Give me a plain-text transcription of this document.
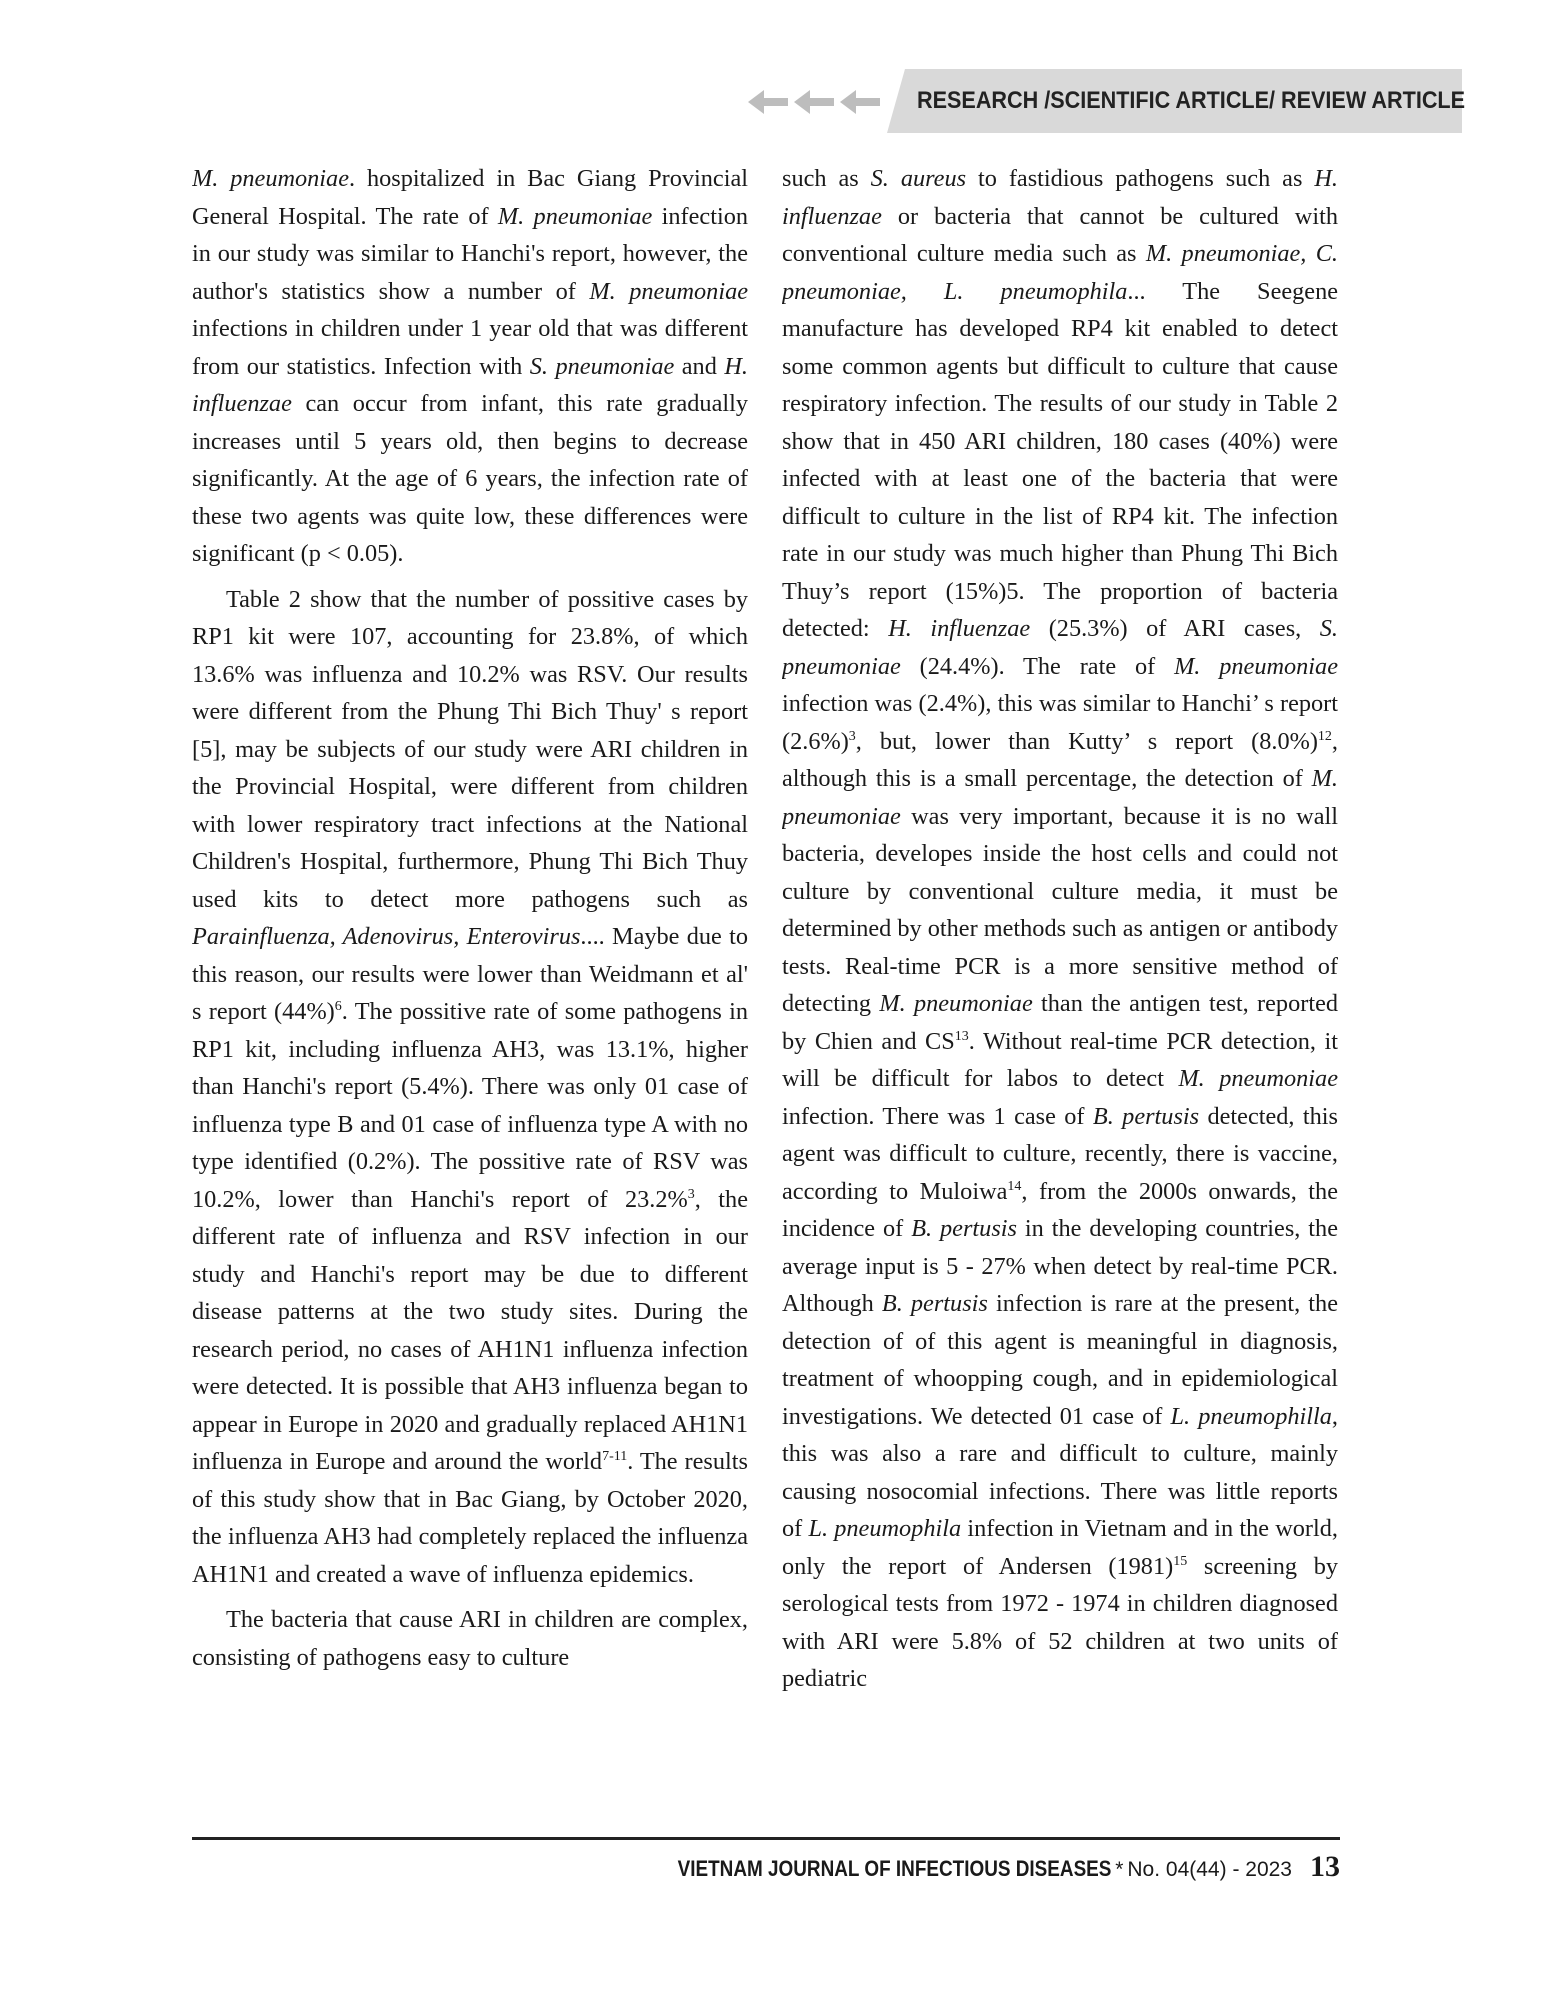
RESEARCH /SCIENTIFIC ARTICLE/ REVIEW ARTICLE

M. pneumoniae. hospitalized in Bac Giang Provincial General Hospital. The rate of M. pneumoniae infection in our study was similar to Hanchi's report, however, the author's statistics show a number of M. pneumoniae infections in children under 1 year old that was different from our statistics. Infection with S. pneumoniae and H. influenzae can occur from infant, this rate gradually increases until 5 years old, then begins to decrease significantly. At the age of 6 years, the infection rate of these two agents was quite low, these differences were significant (p < 0.05).

Table 2 show that the number of possitive cases by RP1 kit were 107, accounting for 23.8%, of which 13.6% was influenza and 10.2% was RSV. Our results were different from the Phung Thi Bich Thuy' s report [5], may be subjects of our study were ARI children in the Provincial Hospital, were different from children with lower respiratory tract infections at the National Children's Hospital, furthermore, Phung Thi Bich Thuy used kits to detect more pathogens such as Parainfluenza, Adenovirus, Enterovirus.... Maybe due to this reason, our results were lower than Weidmann et al' s report $(44\%)^6$. The possitive rate of some pathogens in RP1 kit, including influenza AH3, was 13.1%, higher than Hanchi's report (5.4%). There was only 01 case of influenza type B and 01 case of influenza type A with no type identified (0.2%). The possitive rate of RSV was 10.2%, lower than Hanchi's report of 23.2%$^3$, the different rate of influenza and RSV infection in our study and Hanchi's report may be due to different disease patterns at the two study sites. During the research period, no cases of AH1N1 influenza infection were detected. It is possible that AH3 influenza began to appear in Europe in 2020 and gradually replaced AH1N1 influenza in Europe and around the world$^{7-11}$. The results of this study show that in Bac Giang, by October 2020, the influenza AH3 had completely replaced the influenza AH1N1 and created a wave of influenza epidemics.

The bacteria that cause ARI in children are complex, consisting of pathogens easy to culture

such as S. aureus to fastidious pathogens such as H. influenzae or bacteria that cannot be cultured with conventional culture media such as M. pneumoniae, C. pneumoniae, L. pneumophila... The Seegene manufacture has developed RP4 kit enabled to detect some common agents but difficult to culture that cause respiratory infection. The results of our study in Table 2 show that in 450 ARI children, 180 cases (40%) were infected with at least one of the bacteria that were difficult to culture in the list of RP4 kit. The infection rate in our study was much higher than Phung Thi Bich Thuy’s report (15%)5. The proportion of bacteria detected: H. influenzae (25.3%) of ARI cases, S. pneumoniae (24.4%). The rate of M. pneumoniae infection was (2.4%), this was similar to Hanchi’ s report $(2.6\%)^3$, but, lower than Kutty’ s report $(8.0\%)^{12}$, although this is a small percentage, the detection of M. pneumoniae was very important, because it is no wall bacteria, developes inside the host cells and could not culture by conventional culture media, it must be determined by other methods such as antigen or antibody tests. Real-time PCR is a more sensitive method of detecting M. pneumoniae than the antigen test, reported by Chien and CS$^{13}$. Without real-time PCR detection, it will be difficult for labos to detect M. pneumoniae infection. There was 1 case of B. pertusis detected, this agent was difficult to culture, recently, there is vaccine, according to Muloiwa$^{14}$, from the 2000s onwards, the incidence of B. pertusis in the developing countries, the average input is 5 - 27% when detect by real-time PCR. Although B. pertusis infection is rare at the present, the detection of of this agent is meaningful in diagnosis, treatment of whoopping cough, and in epidemiological investigations. We detected 01 case of L. pneumophilla, this was also a rare and difficult to culture, mainly causing nosocomial infections. There was little reports of L. pneumophila infection in Vietnam and in the world, only the report of Andersen $(1981)^{15}$ screening by serological tests from 1972 - 1974 in children diagnosed with ARI were 5.8% of 52 children at two units of pediatric

VIETNAM JOURNAL OF INFECTIOUS DISEASES * No. 04(44) - 2023 13
